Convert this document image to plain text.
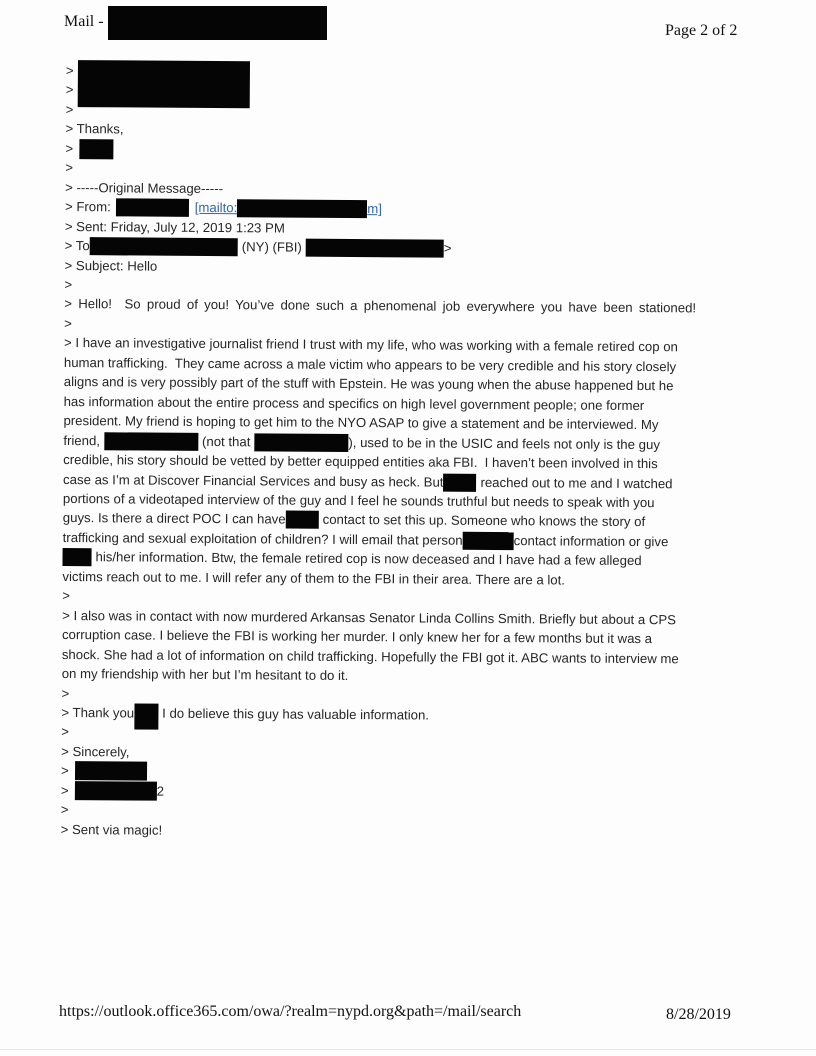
Mail -
Page 2 of 2
>
>
>
> Thanks,
>
>
> -----Original Message-----
> From:	[mailto:	m]
> Sent: Friday, July 12, 2019 1:23 PM
> To	(NY) (FBI)	>
> Subject: Hello
>
> Hello!  So proud of you! You’ve done such a phenomenal job everywhere you have been stationed!
>
> I have an investigative journalist friend I trust with my life, who was working with a female retired cop on
human trafficking.  They came across a male victim who appears to be very credible and his story closely
aligns and is very possibly part of the stuff with Epstein. He was young when the abuse happened but he
has information about the entire process and specifics on high level government people; one former
president. My friend is hoping to get him to the NYO ASAP to give a statement and be interviewed. My
friend,	(not that	), used to be in the USIC and feels not only is the guy
credible, his story should be vetted by better equipped entities aka FBI.  I haven’t been involved in this
case as I’m at Discover Financial Services and busy as heck. But	reached out to me and I watched
portions of a videotaped interview of the guy and I feel he sounds truthful but needs to speak with you
guys. Is there a direct POC I can have	contact to set this up. Someone who knows the story of
trafficking and sexual exploitation of children? I will email that person	contact information or give
his/her information. Btw, the female retired cop is now deceased and I have had a few alleged
victims reach out to me. I will refer any of them to the FBI in their area. There are a lot.
>
> I also was in contact with now murdered Arkansas Senator Linda Collins Smith. Briefly but about a CPS
corruption case. I believe the FBI is working her murder. I only knew her for a few months but it was a
shock. She had a lot of information on child trafficking. Hopefully the FBI got it. ABC wants to interview me
on my friendship with her but I’m hesitant to do it.
>
> Thank you I do believe this guy has valuable information.
>
> Sincerely,
>
>	2
>
> Sent via magic!
https://outlook.office365.com/owa/?realm=nypd.org&path=/mail/search	8/28/2019
